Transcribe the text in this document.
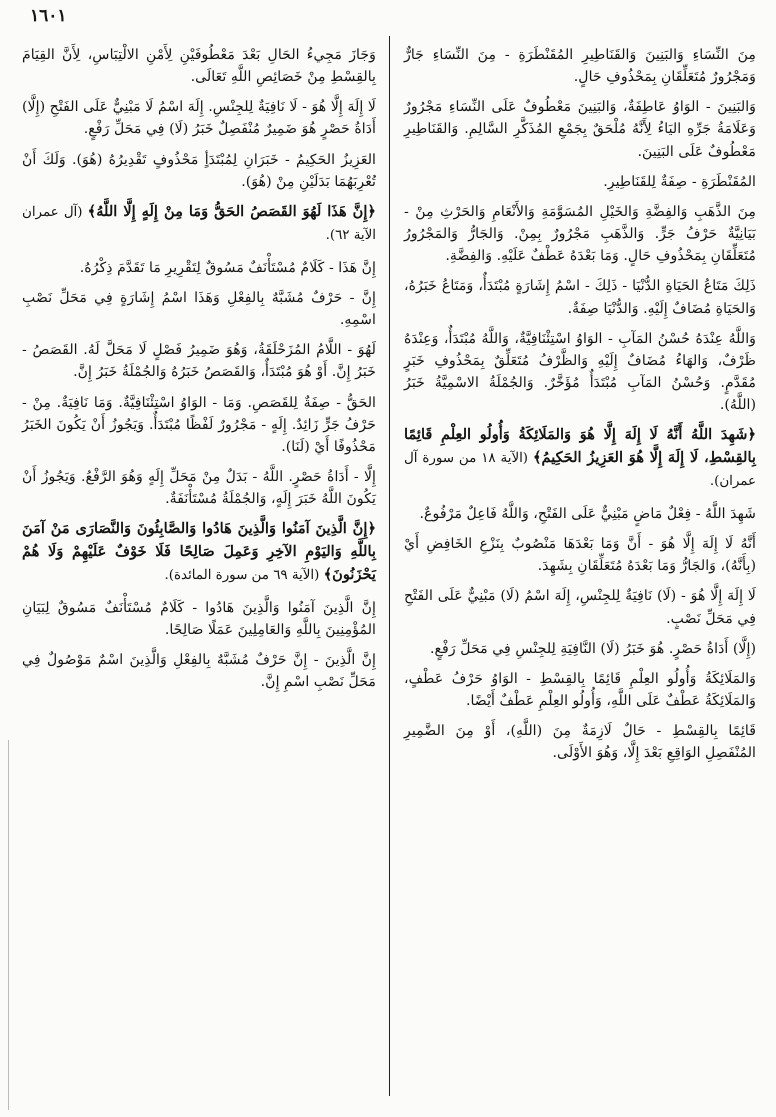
١٦٠١

مِنَ النِّسَاءِ وَالبَنِينَ وَالقَنَاطِيرِ المُقَنْطَرَةِ - مِنَ النِّسَاءِ جَارٌّ وَمَجْرُورٌ مُتَعَلِّقَانِ بِمَحْذُوفِ حَالٍ.

وَالبَنِينَ - الوَاوُ عَاطِفَةٌ، وَالبَنِينَ مَعْطُوفٌ عَلَى النِّسَاءِ مَجْرُورٌ وَعَلَامَةُ جَرِّهِ اليَاءُ لِأَنَّهُ مُلْحَقٌ بِجَمْعِ المُذَكَّرِ السَّالِمِ. وَالقَنَاطِيرِ مَعْطُوفٌ عَلَى البَنِينَ.

المُقَنْطَرَةِ - صِفَةٌ لِلقَنَاطِيرِ.

مِنَ الذَّهَبِ وَالفِضَّةِ وَالخَيْلِ المُسَوَّمَةِ وَالأَنْعَامِ وَالحَرْثِ مِنْ - بَيَانِيَّةٌ حَرْفُ جَرٍّ. وَالذَّهَبِ مَجْرُورٌ بِمِنْ. وَالجَارُّ وَالمَجْرُورُ مُتَعَلِّقَانِ بِمَحْذُوفِ حَالٍ. وَمَا بَعْدَهُ عَطْفٌ عَلَيْهِ. وَالفِضَّةِ.

ذَلِكَ مَتَاعُ الحَيَاةِ الدُّنْيَا - ذَلِكَ - اسْمُ إِشَارَةٍ مُبْتَدَأٌ، وَمَتَاعُ خَبَرُهُ، وَالحَيَاةِ مُضَافٌ إِلَيْهِ. وَالدُّنْيَا صِفَةٌ.

وَاللَّهُ عِنْدَهُ حُسْنُ المَآبِ - الوَاوُ اسْتِئْنَافِيَّةٌ، وَاللَّهُ مُبْتَدَأٌ، وَعِنْدَهُ ظَرْفٌ، وَالهَاءُ مُضَافٌ إِلَيْهِ وَالظَّرْفُ مُتَعَلِّقٌ بِمَحْذُوفِ خَبَرٍ مُقَدَّمٍ. وَحُسْنُ المَآبِ مُبْتَدَأٌ مُؤَخَّرٌ. وَالجُمْلَةُ الاسْمِيَّةُ خَبَرُ (اللَّهُ).

﴿شَهِدَ اللَّهُ أَنَّهُ لَا إِلَهَ إِلَّا هُوَ وَالمَلَائِكَةُ وَأُولُو العِلْمِ قَائِمًا بِالقِسْطِ، لَا إِلَهَ إِلَّا هُوَ العَزِيزُ الحَكِيمُ﴾ (الآية ١٨ من سورة آل عمران).

شَهِدَ اللَّهُ - فِعْلٌ مَاضٍ مَبْنِيٌّ عَلَى الفَتْحِ، وَاللَّهُ فَاعِلٌ مَرْفُوعٌ.

أَنَّهُ لَا إِلَهَ إِلَّا هُوَ - أَنَّ وَمَا بَعْدَهَا مَنْصُوبٌ بِنَزْعِ الخَافِضِ أَيْ (بِأَنَّهُ)، وَالجَارُّ وَمَا بَعْدَهُ مُتَعَلِّقَانِ بِشَهِدَ.

لَا إِلَهَ إِلَّا هُوَ - (لَا) نَافِيَةٌ لِلجِنْسِ، إِلَهَ اسْمُ (لَا) مَبْنِيٌّ عَلَى الفَتْحِ فِي مَحَلِّ نَصْبٍ.

(إِلَّا) أَدَاةُ حَصْرٍ. هُوَ خَبَرُ (لَا) النَّافِيَةِ لِلجِنْسِ فِي مَحَلِّ رَفْعٍ.

وَالمَلَائِكَةُ وَأُولُو العِلْمِ قَائِمًا بِالقِسْطِ - الوَاوُ حَرْفُ عَطْفٍ، وَالمَلَائِكَةُ عَطْفٌ عَلَى اللَّهِ، وَأُولُو العِلْمِ عَطْفٌ أَيْضًا.

قَائِمًا بِالقِسْطِ - حَالٌ لَازِمَةٌ مِنَ (اللَّهِ)، أَوْ مِنَ الضَّمِيرِ المُنْفَصِلِ الوَاقِعِ بَعْدَ إِلَّا، وَهُوَ الأَوْلَى.

وَجَازَ مَجِيءُ الحَالِ بَعْدَ مَعْطُوفَيْنِ لِأَمْنِ الالْتِبَاسِ، لِأَنَّ القِيَامَ بِالقِسْطِ مِنْ خَصَائِصِ اللَّهِ تَعَالَى.

لَا إِلَهَ إِلَّا هُوَ - لَا نَافِيَةٌ لِلجِنْسِ. إِلَهَ اسْمُ لَا مَبْنِيٌّ عَلَى الفَتْحِ (إِلَّا) أَدَاةُ حَصْرٍ هُوَ ضَمِيرٌ مُنْفَصِلٌ خَبَرُ (لَا) فِي مَحَلِّ رَفْعٍ.

العَزِيزُ الحَكِيمُ - خَبَرَانِ لِمُبْتَدَأٍ مَحْذُوفٍ تَقْدِيرُهُ (هُوَ). وَلَكَ أَنْ تُعْرِبَهُمَا بَدَلَيْنِ مِنْ (هُوَ).

﴿إِنَّ هَذَا لَهُوَ القَصَصُ الحَقُّ وَمَا مِنْ إِلَهٍ إِلَّا اللَّهُ﴾ (آل عمران الآية ٦٢).

إِنَّ هَذَا - كَلَامٌ مُسْتَأْنَفٌ مَسُوقٌ لِتَقْرِيرِ مَا تَقَدَّمَ ذِكْرُهُ.

إِنَّ - حَرْفٌ مُشَبَّهٌ بِالفِعْلِ وَهَذَا اسْمُ إِشَارَةٍ فِي مَحَلِّ نَصْبِ اسْمِهِ.

لَهُوَ - اللَّامُ المُزَحْلَقَةُ، وَهُوَ ضَمِيرُ فَصْلٍ لَا مَحَلَّ لَهُ. القَصَصُ - خَبَرُ إِنَّ. أَوْ هُوَ مُبْتَدَأٌ، وَالقَصَصُ خَبَرُهُ وَالجُمْلَةُ خَبَرُ إِنَّ.

الحَقُّ - صِفَةٌ لِلقَصَصِ. وَمَا - الوَاوُ اسْتِئْنَافِيَّةٌ. وَمَا نَافِيَةٌ. مِنْ - حَرْفُ جَرٍّ زَائِدٌ. إِلَهٍ - مَجْرُورٌ لَفْظًا مُبْتَدَأٌ. وَيَجُوزُ أَنْ يَكُونَ الخَبَرُ مَحْذُوفًا أَيْ (لَنَا).

إِلَّا - أَدَاةُ حَصْرٍ. اللَّهُ - بَدَلٌ مِنْ مَحَلِّ إِلَهٍ وَهُوَ الرَّفْعُ. وَيَجُوزُ أَنْ يَكُونَ اللَّهُ خَبَرَ إِلَهٍ، وَالجُمْلَةُ مُسْتَأْنَفَةٌ.

﴿إِنَّ الَّذِينَ آمَنُوا وَالَّذِينَ هَادُوا وَالصَّابِئُونَ وَالنَّصَارَى مَنْ آمَنَ بِاللَّهِ وَاليَوْمِ الآخِرِ وَعَمِلَ صَالِحًا فَلَا خَوْفٌ عَلَيْهِمْ وَلَا هُمْ يَحْزَنُونَ﴾ (الآية ٦٩ من سورة المائدة).

إِنَّ الَّذِينَ آمَنُوا وَالَّذِينَ هَادُوا - كَلَامٌ مُسْتَأْنَفٌ مَسُوقٌ لِبَيَانِ المُؤْمِنِينَ بِاللَّهِ وَالعَامِلِينَ عَمَلًا صَالِحًا.

إِنَّ الَّذِينَ - إِنَّ حَرْفٌ مُشَبَّهٌ بِالفِعْلِ وَالَّذِينَ اسْمٌ مَوْصُولٌ فِي مَحَلِّ نَصْبِ اسْمِ إِنَّ.
